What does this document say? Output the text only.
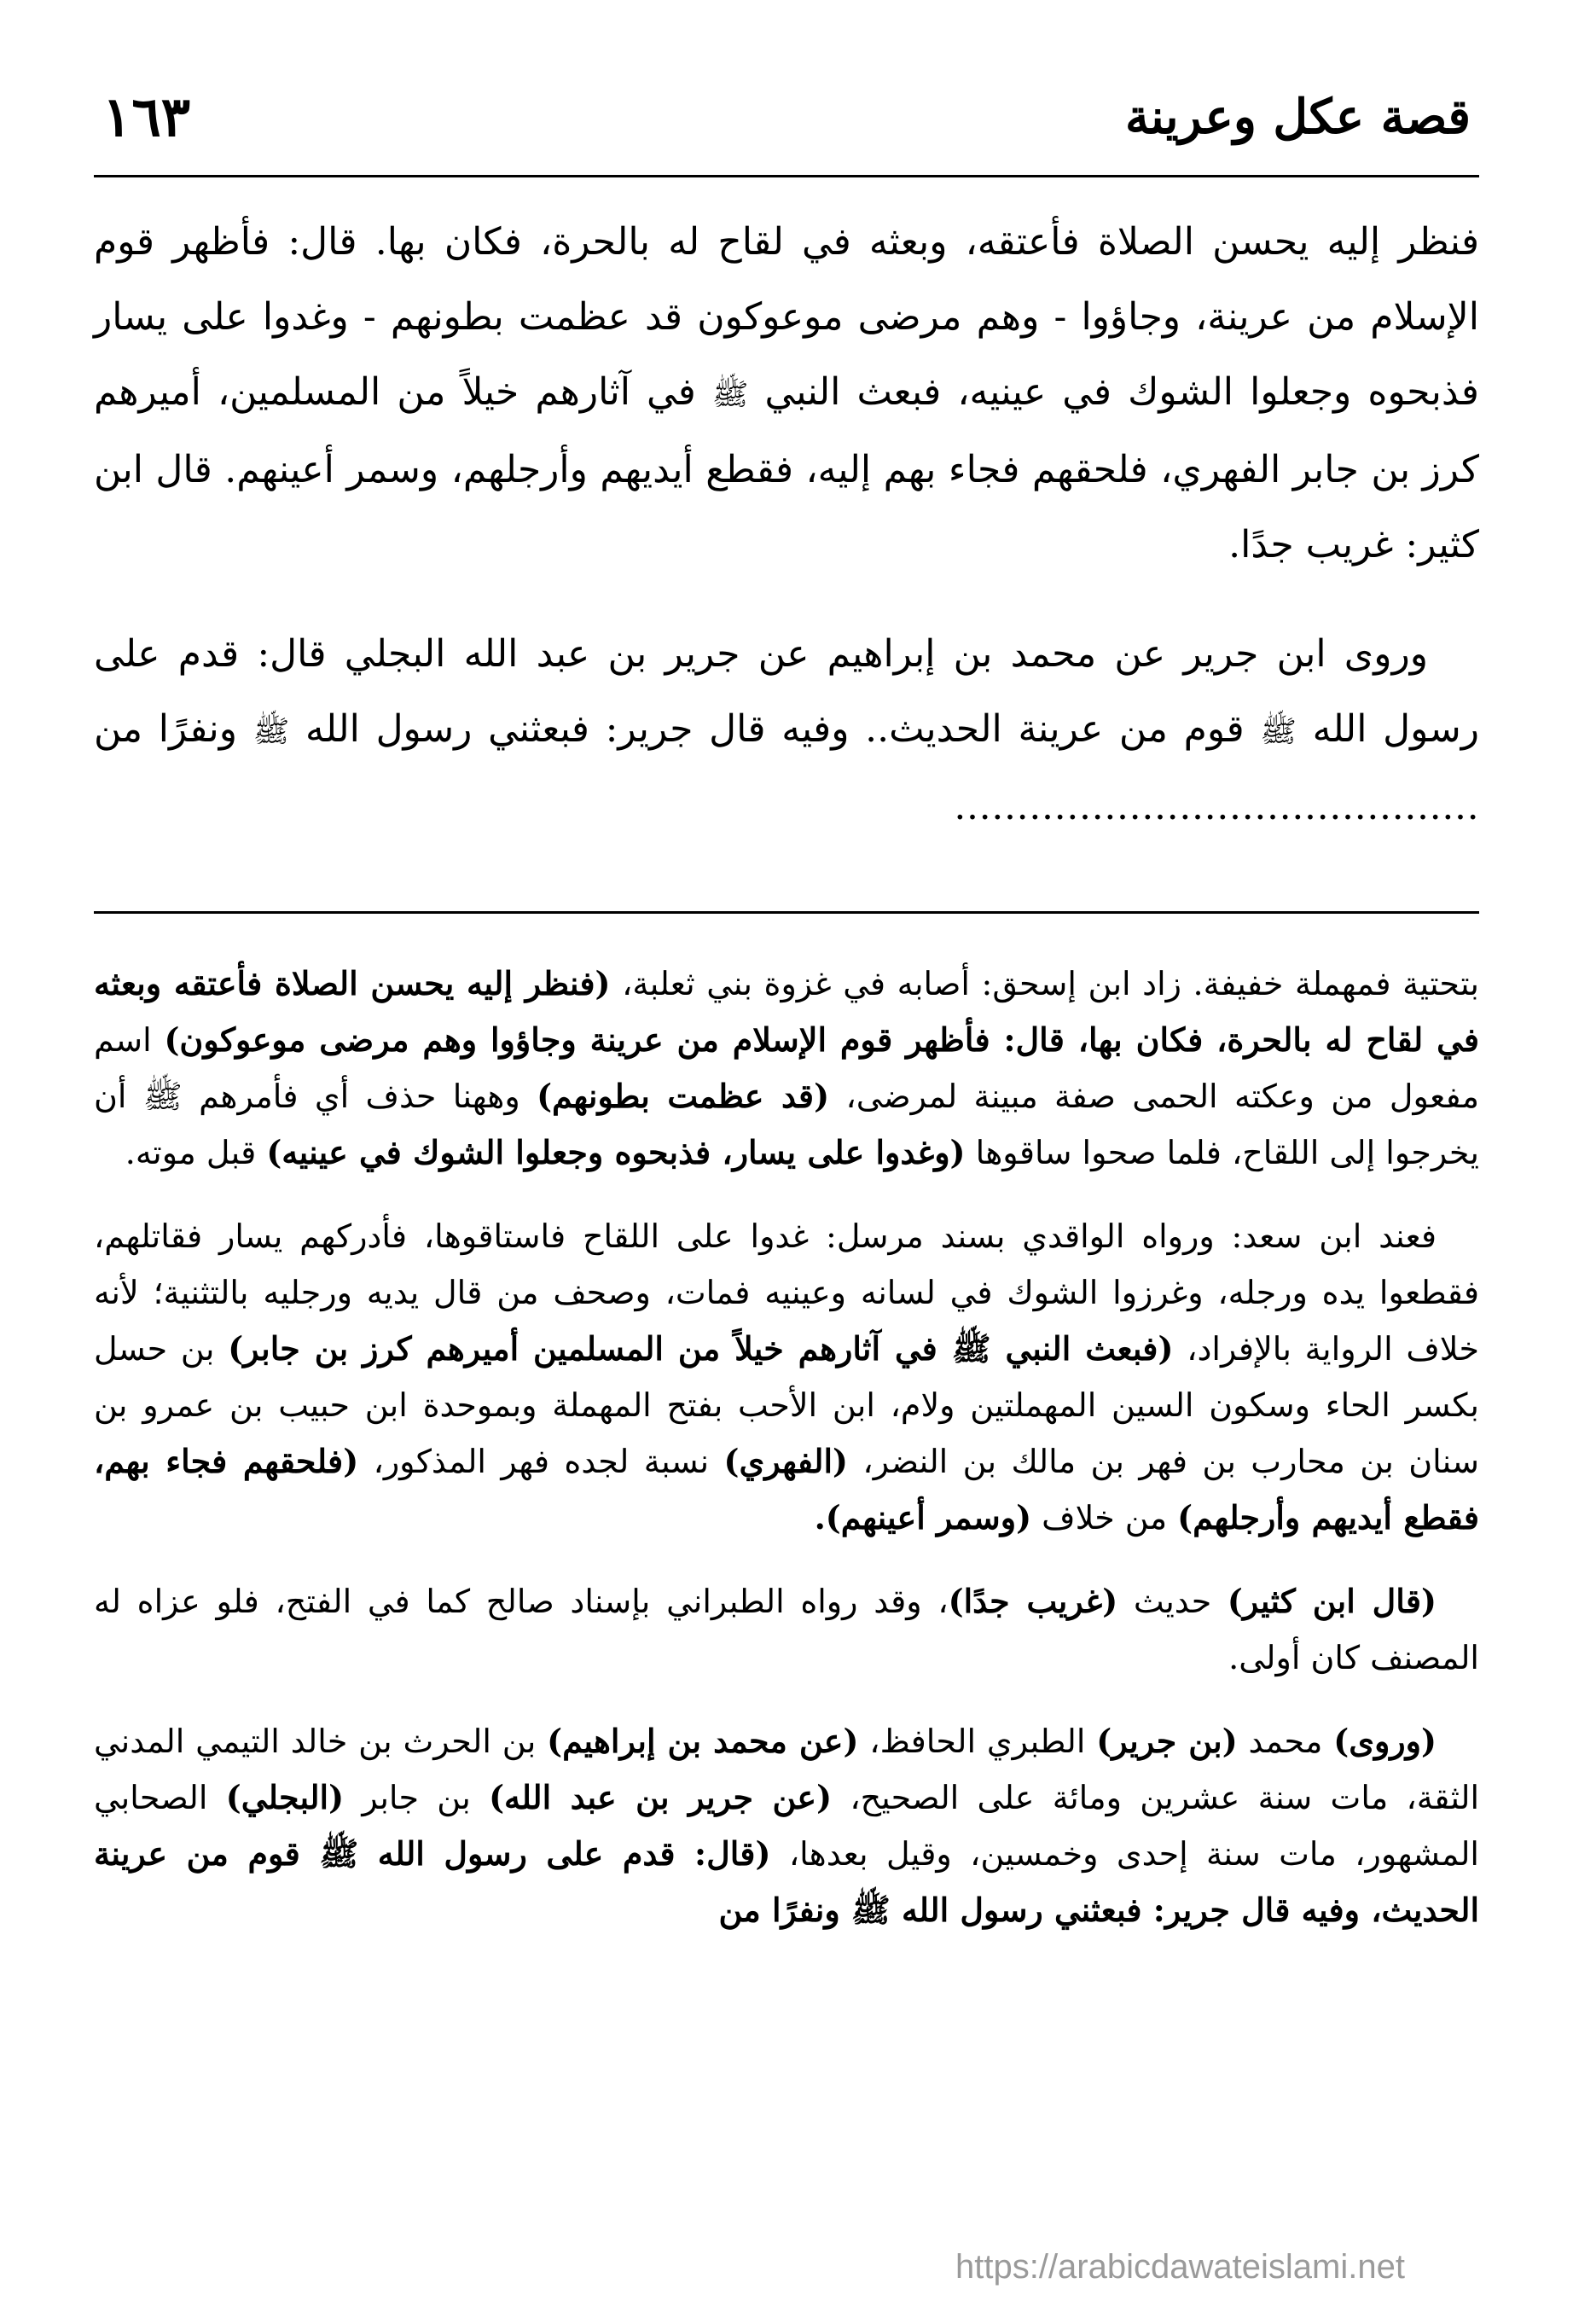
١٦٣	قصة عكل وعرينة

فنظر إليه يحسن الصلاة فأعتقه، وبعثه في لقاح له بالحرة، فكان بها. قال: فأظهر قوم الإسلام من عرينة، وجاؤوا - وهم مرضى موعوكون قد عظمت بطونهم - وغدوا على يسار فذبحوه وجعلوا الشوك في عينيه، فبعث النبي ﷺ في آثارهم خيلاً من المسلمين، أميرهم كرز بن جابر الفهري، فلحقهم فجاء بهم إليه، فقطع أيديهم وأرجلهم، وسمر أعينهم. قال ابن كثير: غريب جدًا.

وروى ابن جرير عن محمد بن إبراهيم عن جرير بن عبد الله البجلي قال: قدم على رسول الله ﷺ قوم من عرينة الحديث.. وفيه قال جرير: فبعثني رسول الله ﷺ ونفرًا من ……………………………………

بتحتية فمهملة خفيفة. زاد ابن إسحق: أصابه في غزوة بني ثعلبة، (فنظر إليه يحسن الصلاة فأعتقه وبعثه في لقاح له بالحرة، فكان بها، قال: فأظهر قوم الإسلام من عرينة وجاؤوا وهم مرضى موعوكون) اسم مفعول من وعكته الحمى صفة مبينة لمرضى، (قد عظمت بطونهم) وههنا حذف أي فأمرهم ﷺ أن يخرجوا إلى اللقاح، فلما صحوا ساقوها (وغدوا على يسار، فذبحوه وجعلوا الشوك في عينيه) قبل موته.

فعند ابن سعد: ورواه الواقدي بسند مرسل: غدوا على اللقاح فاستاقوها، فأدركهم يسار فقاتلهم، فقطعوا يده ورجله، وغرزوا الشوك في لسانه وعينيه فمات، وصحف من قال يديه ورجليه بالتثنية؛ لأنه خلاف الرواية بالإفراد، (فبعث النبي ﷺ في آثارهم خيلاً من المسلمين أميرهم كرز بن جابر) بن حسل بكسر الحاء وسكون السين المهملتين ولام، ابن الأحب بفتح المهملة وبموحدة ابن حبيب بن عمرو بن سنان بن محارب بن فهر بن مالك بن النضر، (الفهري) نسبة لجده فهر المذكور، (فلحقهم فجاء بهم، فقطع أيديهم وأرجلهم) من خلاف (وسمر أعينهم).

(قال ابن كثير) حديث (غريب جدًا)، وقد رواه الطبراني بإسناد صالح كما في الفتح، فلو عزاه له المصنف كان أولى.

(وروى) محمد (بن جرير) الطبري الحافظ، (عن محمد بن إبراهيم) بن الحرث بن خالد التيمي المدني الثقة، مات سنة عشرين ومائة على الصحيح، (عن جرير بن عبد الله) بن جابر (البجلي) الصحابي المشهور، مات سنة إحدى وخمسين، وقيل بعدها، (قال: قدم على رسول الله ﷺ قوم من عرينة الحديث، وفيه قال جرير: فبعثني رسول الله ﷺ ونفرًا من

https://arabicdawateislami.net
